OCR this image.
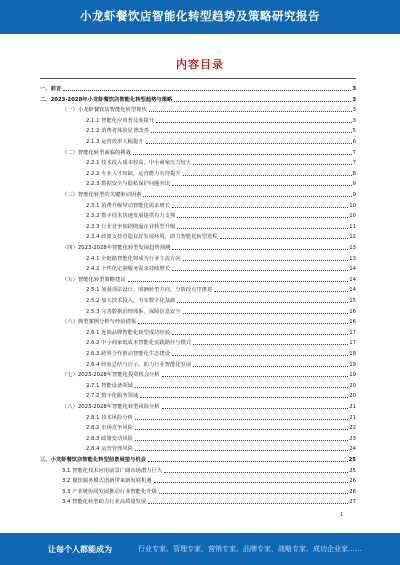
小龙虾餐饮店智能化转型趋势及策略研究报告
内容目录
一、前言	3
二、2023-2028年小龙虾餐饮店智能化转型趋势与策略	3
（一）小龙虾餐饮店智能化转型现状	3
2.1.1 智能化应用普及度提升	3
2.1.2 消费者体验显著改善	5
2.1.3 运营效率大幅提升	6
（二）智能化转型面临的挑战	7
2.2.1 技术投入成本较高，中小商家压力较大	7
2.2.2 专业人才短缺，运营能力有待提升	8
2.2.3 数据安全与隐私保护问题突出	9
（三）智能化转型的关键驱动因素	9
2.3.1 消费升级带动智能化需求增长	10
2.3.2 数字技术快速发展提供有力支撑	10
2.3.3 行业竞争加剧倒逼企业转型升级	11
2.3.4 政策支持营造良好发展环境，助力智能化转型进程	12
（四）2023-2028年智能化转型发展趋势预测	13
2.4.1 全链路智能化将成为行业主流方向	13
2.4.2 个性化定制服务需求持续增长	14
（五）智能化转型策略建议	14
2.5.1 加强顶层设计，明确转型方向，分阶段有序推进	14
2.5.2 加大技术投入，夯实数字化基础	15
2.5.3 完善数据治理体系，保障信息安全	16
（六）典型案例分析与经验借鉴	16
2.6.1 连锁品牌智能化转型成功经验	17
2.6.2 中小商家低成本智能化实践路径与模式	17
2.6.3 跨界合作推动智能化生态建设	18
2.6.4 经验总结与启示，助力行业智能化发展	19
（七）2023-2028年智能化投资机会分析	19
2.7.1 智能设备领域	20
2.7.2 数字化服务领域	20
（八）2023-2028年智能化转型风险分析	21
2.8.1 技术风险分析	21
2.8.2 市场竞争风险	22
2.8.3 政策变动风险	23
2.8.4 运营管理风险	24
三、小龙虾餐饮店智能化转型前景展望与机会	25
3.1 智能化技术应用前景广阔市场潜力巨大	25
3.2 餐饮服务模式创新带来新发展机遇	26
3.3 产业链协同发展推动行业智能化升级	26
3.4 智能化转型助力行业高质量发展	27
1
让每个人都能成为	行业专家、管理专家、营销专家、品牌专家、战略专家、成功企业家……
